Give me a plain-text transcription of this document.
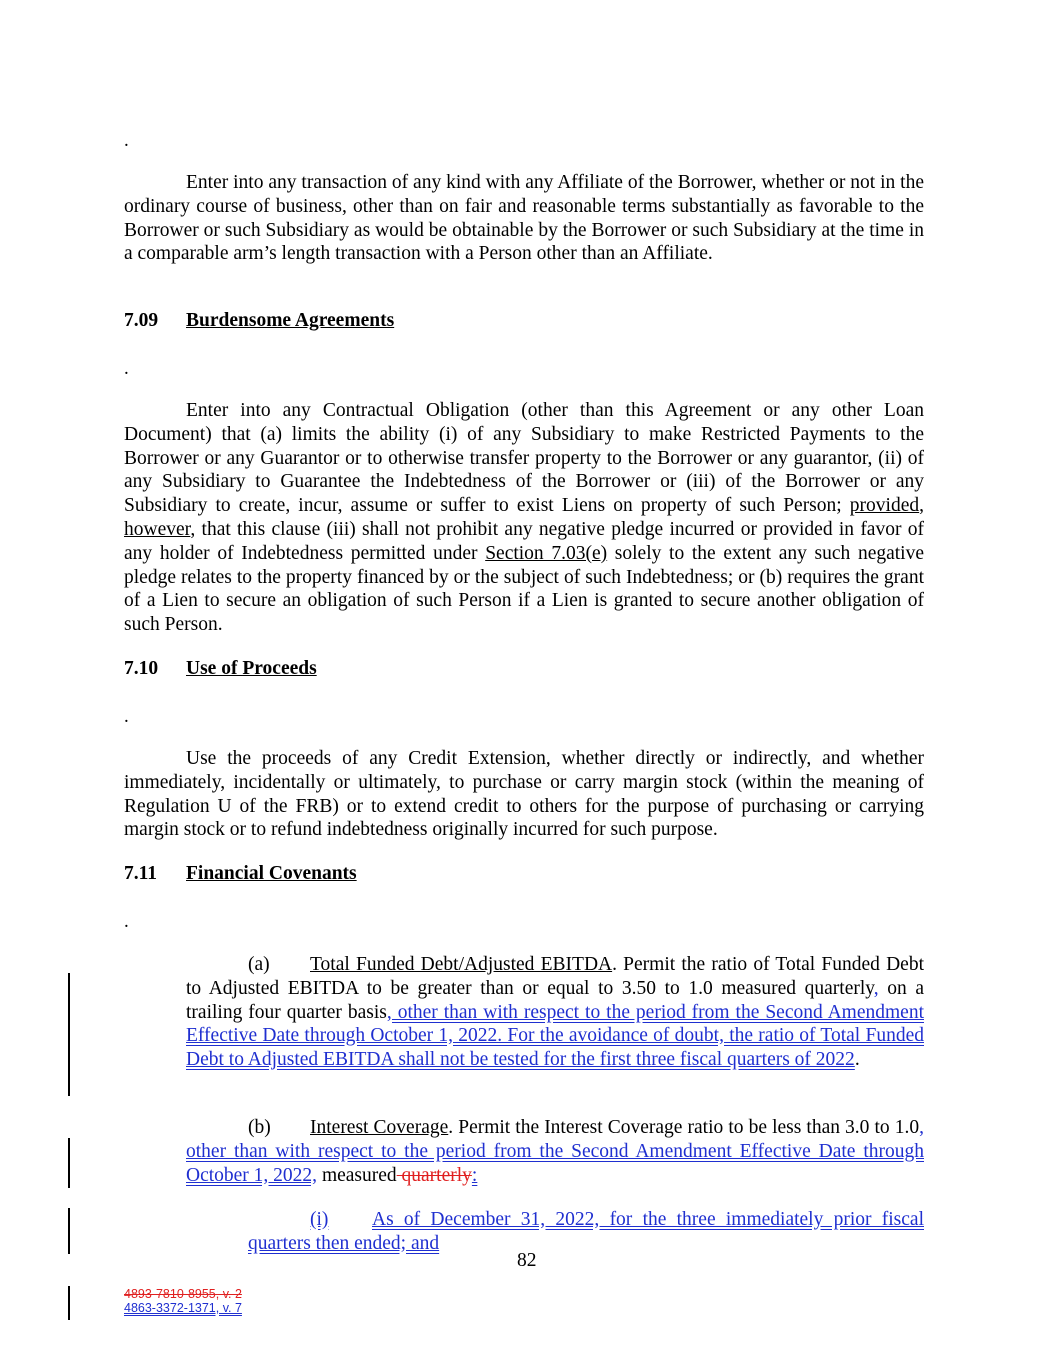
.
Enter into any transaction of any kind with any Affiliate of the Borrower, whether or not in the ordinary course of business, other than on fair and reasonable terms substantially as favorable to the Borrower or such Subsidiary as would be obtainable by the Borrower or such Subsidiary at the time in a comparable arm’s length transaction with a Person other than an Affiliate.
7.09 Burdensome Agreements
.
Enter into any Contractual Obligation (other than this Agreement or any other Loan Document) that (a) limits the ability (i) of any Subsidiary to make Restricted Payments to the Borrower or any Guarantor or to otherwise transfer property to the Borrower or any guarantor, (ii) of any Subsidiary to Guarantee the Indebtedness of the Borrower or (iii) of the Borrower or any Subsidiary to create, incur, assume or suffer to exist Liens on property of such Person; provided, however, that this clause (iii) shall not prohibit any negative pledge incurred or provided in favor of any holder of Indebtedness permitted under Section 7.03(e) solely to the extent any such negative pledge relates to the property financed by or the subject of such Indebtedness; or (b) requires the grant of a Lien to secure an obligation of such Person if a Lien is granted to secure another obligation of such Person.
7.10 Use of Proceeds
.
Use the proceeds of any Credit Extension, whether directly or indirectly, and whether immediately, incidentally or ultimately, to purchase or carry margin stock (within the meaning of Regulation U of the FRB) or to extend credit to others for the purpose of purchasing or carrying margin stock or to refund indebtedness originally incurred for such purpose.
7.11 Financial Covenants
.
(a) Total Funded Debt/Adjusted EBITDA. Permit the ratio of Total Funded Debt to Adjusted EBITDA to be greater than or equal to 3.50 to 1.0 measured quarterly, on a trailing four quarter basis, other than with respect to the period from the Second Amendment Effective Date through October 1, 2022. For the avoidance of doubt, the ratio of Total Funded Debt to Adjusted EBITDA shall not be tested for the first three fiscal quarters of 2022.
(b) Interest Coverage. Permit the Interest Coverage ratio to be less than 3.0 to 1.0, other than with respect to the period from the Second Amendment Effective Date through October 1, 2022, measured quarterly:
(i) As of December 31, 2022, for the three immediately prior fiscal quarters then ended; and
82
4893-7810-8955, v. 2
4863-3372-1371, v. 7
